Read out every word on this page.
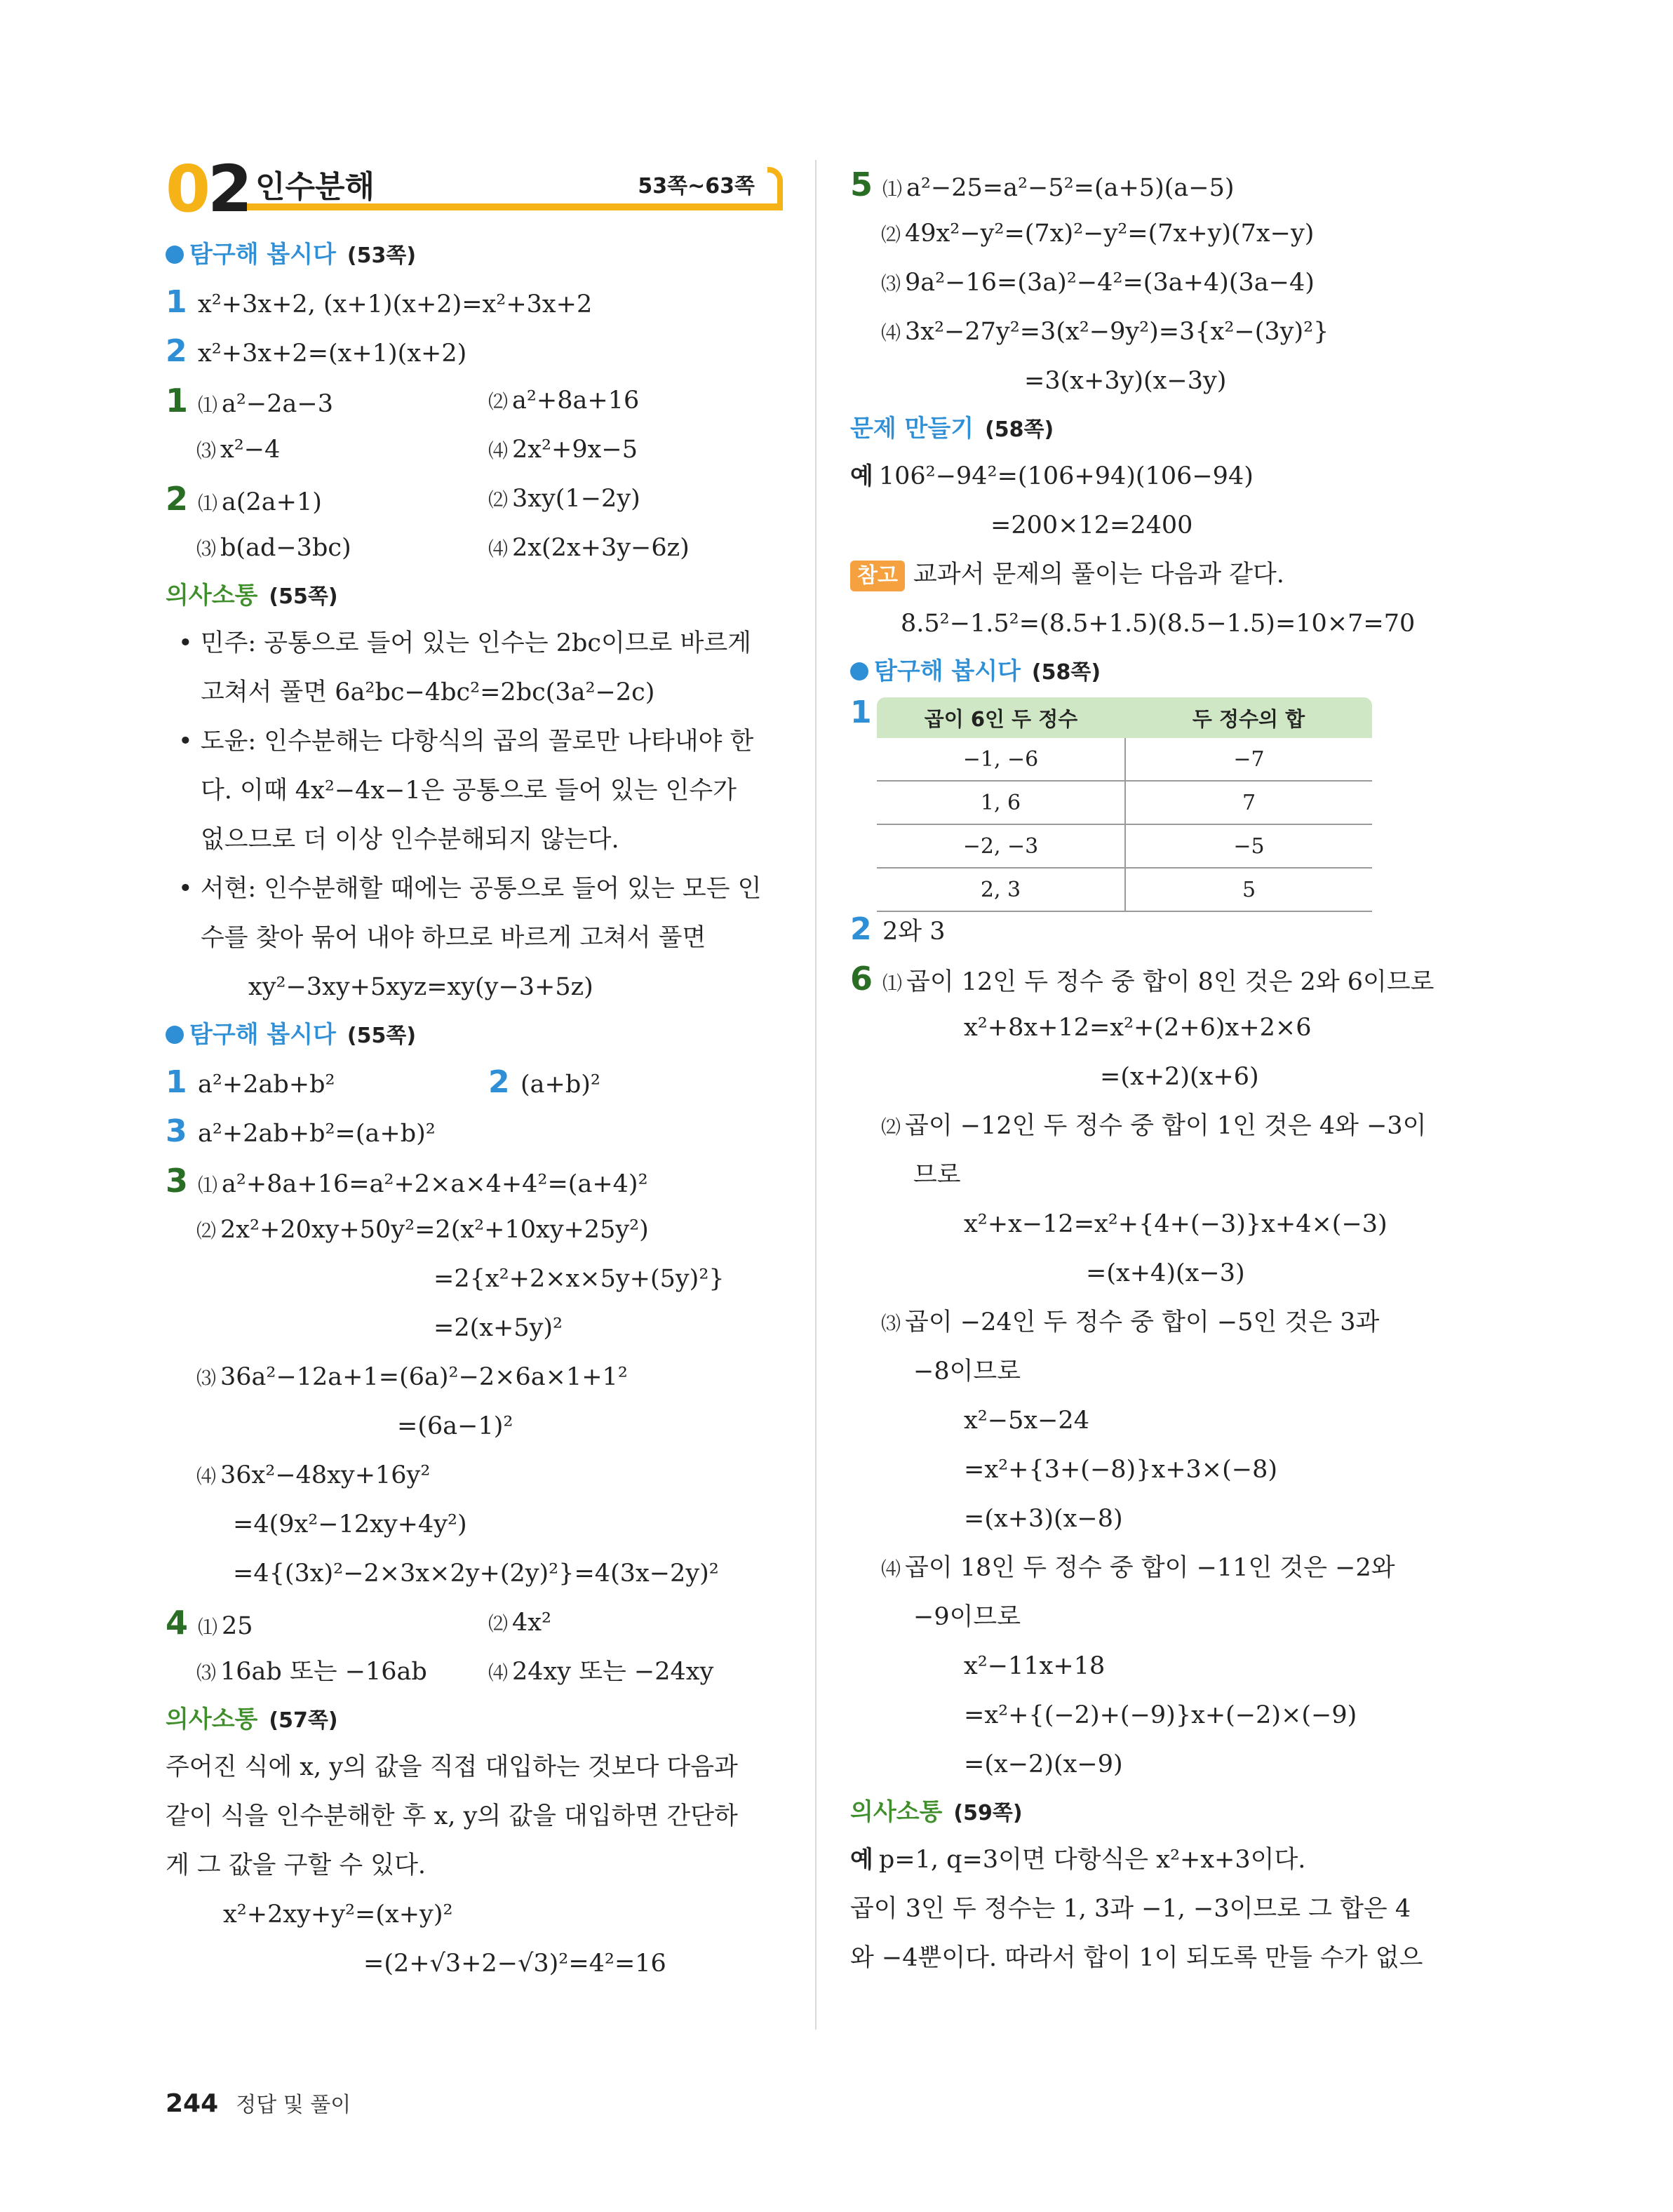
02 인수분해	53쪽~63쪽
탐구해 봅시다 (53쪽)
1 x²+3x+2, (x+1)(x+2)=x²+3x+2
2 x²+3x+2=(x+1)(x+2)
1 ⑴ a²−2a−3	⑵ a²+8a+16
⑶ x²−4	⑷ 2x²+9x−5
2 ⑴ a(2a+1)	⑵ 3xy(1−2y)
⑶ b(ad−3bc)	⑷ 2x(2x+3y−6z)
의사소통 (55쪽)
• 민주: 공통으로 들어 있는 인수는 2bc이므로 바르게
고쳐서 풀면 6a²bc−4bc²=2bc(3a²−2c)
• 도윤: 인수분해는 다항식의 곱의 꼴로만 나타내야 한
다. 이때 4x²−4x−1은 공통으로 들어 있는 인수가
없으므로 더 이상 인수분해되지 않는다.
• 서현: 인수분해할 때에는 공통으로 들어 있는 모든 인
수를 찾아 묶어 내야 하므로 바르게 고쳐서 풀면
xy²−3xy+5xyz=xy(y−3+5z)
탐구해 봅시다 (55쪽)
1 a²+2ab+b²	2 (a+b)²
3 a²+2ab+b²=(a+b)²
3 ⑴ a²+8a+16=a²+2×a×4+4²=(a+4)²
⑵ 2x²+20xy+50y²=2(x²+10xy+25y²)
=2{x²+2×x×5y+(5y)²}
=2(x+5y)²
⑶ 36a²−12a+1=(6a)²−2×6a×1+1²
=(6a−1)²
⑷ 36x²−48xy+16y²
=4(9x²−12xy+4y²)
=4{(3x)²−2×3x×2y+(2y)²}=4(3x−2y)²
4 ⑴ 25	⑵ 4x²
⑶ 16ab 또는 −16ab	⑷ 24xy 또는 −24xy
의사소통 (57쪽)
주어진 식에 x, y의 값을 직접 대입하는 것보다 다음과
같이 식을 인수분해한 후 x, y의 값을 대입하면 간단하
게 그 값을 구할 수 있다.
x²+2xy+y²=(x+y)²
=(2+√3+2−√3)²=4²=16
5 ⑴ a²−25=a²−5²=(a+5)(a−5)
⑵ 49x²−y²=(7x)²−y²=(7x+y)(7x−y)
⑶ 9a²−16=(3a)²−4²=(3a+4)(3a−4)
⑷ 3x²−27y²=3(x²−9y²)=3{x²−(3y)²}
=3(x+3y)(x−3y)
문제 만들기 (58쪽)
예 106²−94²=(106+94)(106−94)
=200×12=2400
참고 교과서 문제의 풀이는 다음과 같다.
8.5²−1.5²=(8.5+1.5)(8.5−1.5)=10×7=70
탐구해 봅시다 (58쪽)
1	곱이 6인 두 정수	두 정수의 합
−1, −6	−7
1, 6	7
−2, −3	−5
2, 3	5
2 2와 3
6 ⑴ 곱이 12인 두 정수 중 합이 8인 것은 2와 6이므로
x²+8x+12=x²+(2+6)x+2×6
=(x+2)(x+6)
⑵ 곱이 −12인 두 정수 중 합이 1인 것은 4와 −3이
므로
x²+x−12=x²+{4+(−3)}x+4×(−3)
=(x+4)(x−3)
⑶ 곱이 −24인 두 정수 중 합이 −5인 것은 3과
−8이므로
x²−5x−24
=x²+{3+(−8)}x+3×(−8)
=(x+3)(x−8)
⑷ 곱이 18인 두 정수 중 합이 −11인 것은 −2와
−9이므로
x²−11x+18
=x²+{(−2)+(−9)}x+(−2)×(−9)
=(x−2)(x−9)
의사소통 (59쪽)
예 p=1, q=3이면 다항식은 x²+x+3이다.
곱이 3인 두 정수는 1, 3과 −1, −3이므로 그 합은 4
와 −4뿐이다. 따라서 합이 1이 되도록 만들 수가 없으
244 정답 및 풀이
